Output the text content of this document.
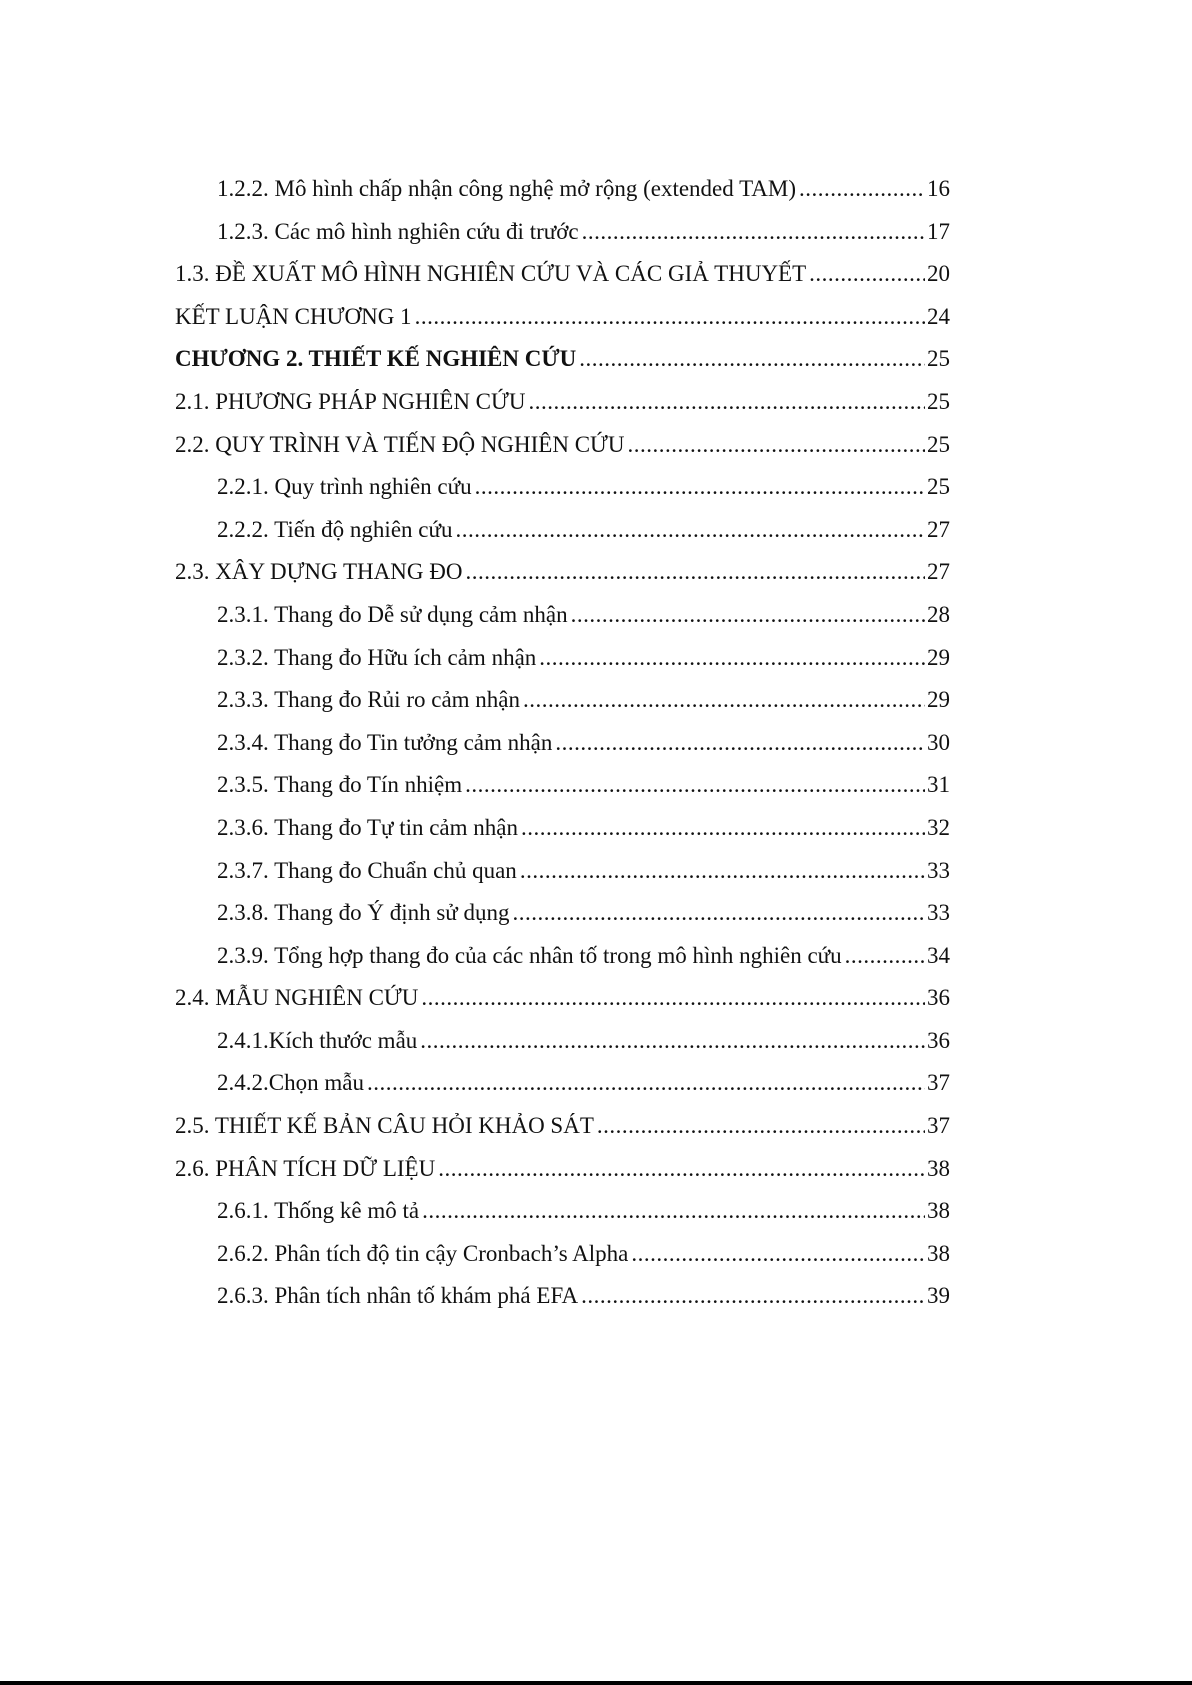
1.2.2. Mô hình chấp nhận công nghệ mở rộng (extended TAM) .....	16
1.2.3. Các mô hình nghiên cứu đi trước .....	17
1.3. ĐỀ XUẤT MÔ HÌNH NGHIÊN CỨU VÀ CÁC GIẢ THUYẾT .....	20
KẾT LUẬN CHƯƠNG 1 .....	24
CHƯƠNG 2. THIẾT KẾ NGHIÊN CỨU .....	25
2.1. PHƯƠNG PHÁP NGHIÊN CỨU .....	25
2.2. QUY TRÌNH VÀ TIẾN ĐỘ NGHIÊN CỨU .....	25
2.2.1. Quy trình nghiên cứu .....	25
2.2.2. Tiến độ nghiên cứu .....	27
2.3. XÂY DỰNG THANG ĐO .....	27
2.3.1. Thang đo Dễ sử dụng cảm nhận .....	28
2.3.2. Thang đo Hữu ích cảm nhận .....	29
2.3.3. Thang đo Rủi ro cảm nhận .....	29
2.3.4. Thang đo Tin tưởng cảm nhận .....	30
2.3.5. Thang đo Tín nhiệm .....	31
2.3.6. Thang đo Tự tin cảm nhận .....	32
2.3.7. Thang đo Chuẩn chủ quan .....	33
2.3.8. Thang đo Ý định sử dụng .....	33
2.3.9. Tổng hợp thang đo của các nhân tố trong mô hình nghiên cứu .....	34
2.4. MẪU NGHIÊN CỨU .....	36
2.4.1.Kích thước mẫu .....	36
2.4.2.Chọn mẫu .....	37
2.5. THIẾT KẾ BẢN CÂU HỎI KHẢO SÁT .....	37
2.6. PHÂN TÍCH DỮ LIỆU .....	38
2.6.1. Thống kê mô tả .....	38
2.6.2. Phân tích độ tin cậy Cronbach’s Alpha .....	38
2.6.3. Phân tích nhân tố khám phá EFA .....	39
